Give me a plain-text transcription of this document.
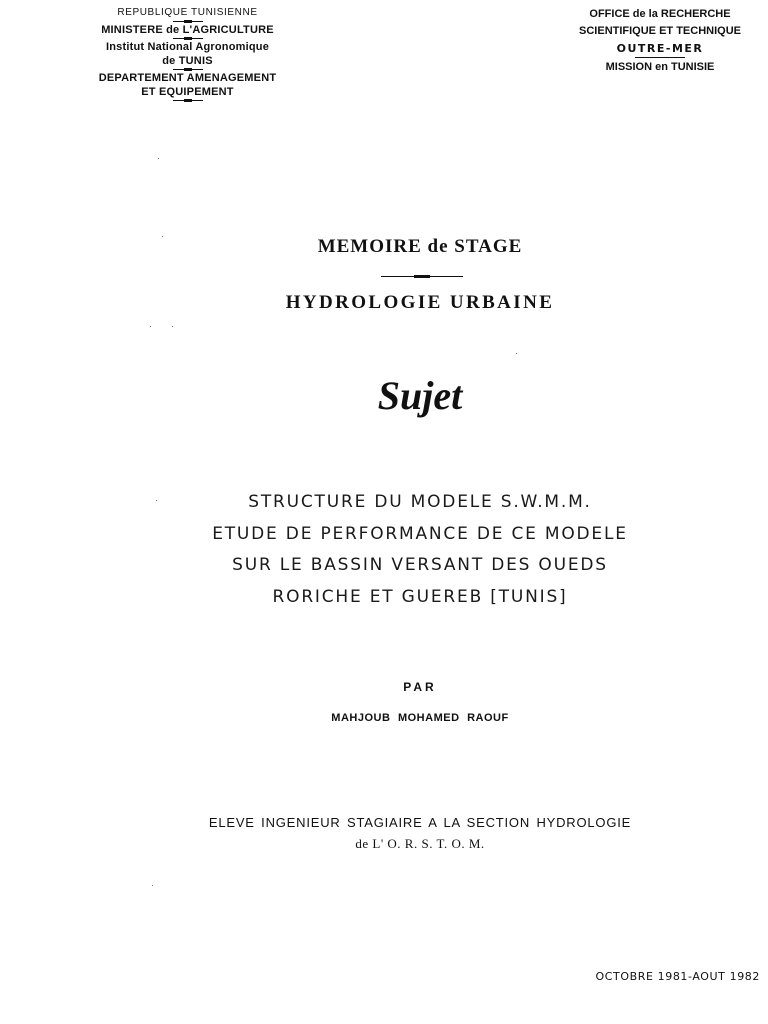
REPUBLIQUE TUNISIENNE
MINISTERE de L'AGRICULTURE
Institut National Agronomique
de TUNIS
DEPARTEMENT AMENAGEMENT
ET EQUIPEMENT
OFFICE de la RECHERCHE
SCIENTIFIQUE ET TECHNIQUE
OUTRE-MER
MISSION en TUNISIE
MEMOIRE de STAGE
HYDROLOGIE URBAINE
Sujet
STRUCTURE DU MODELE S.W.M.M.
ETUDE DE PERFORMANCE DE CE MODELE
SUR LE BASSIN VERSANT DES OUEDS
RORICHE ET GUEREB [TUNIS]
PAR
MAHJOUB MOHAMED RAOUF
ELEVE INGENIEUR STAGIAIRE A LA SECTION HYDROLOGIE
de L' O. R. S. T. O. M.
OCTOBRE 1981-AOUT 1982
